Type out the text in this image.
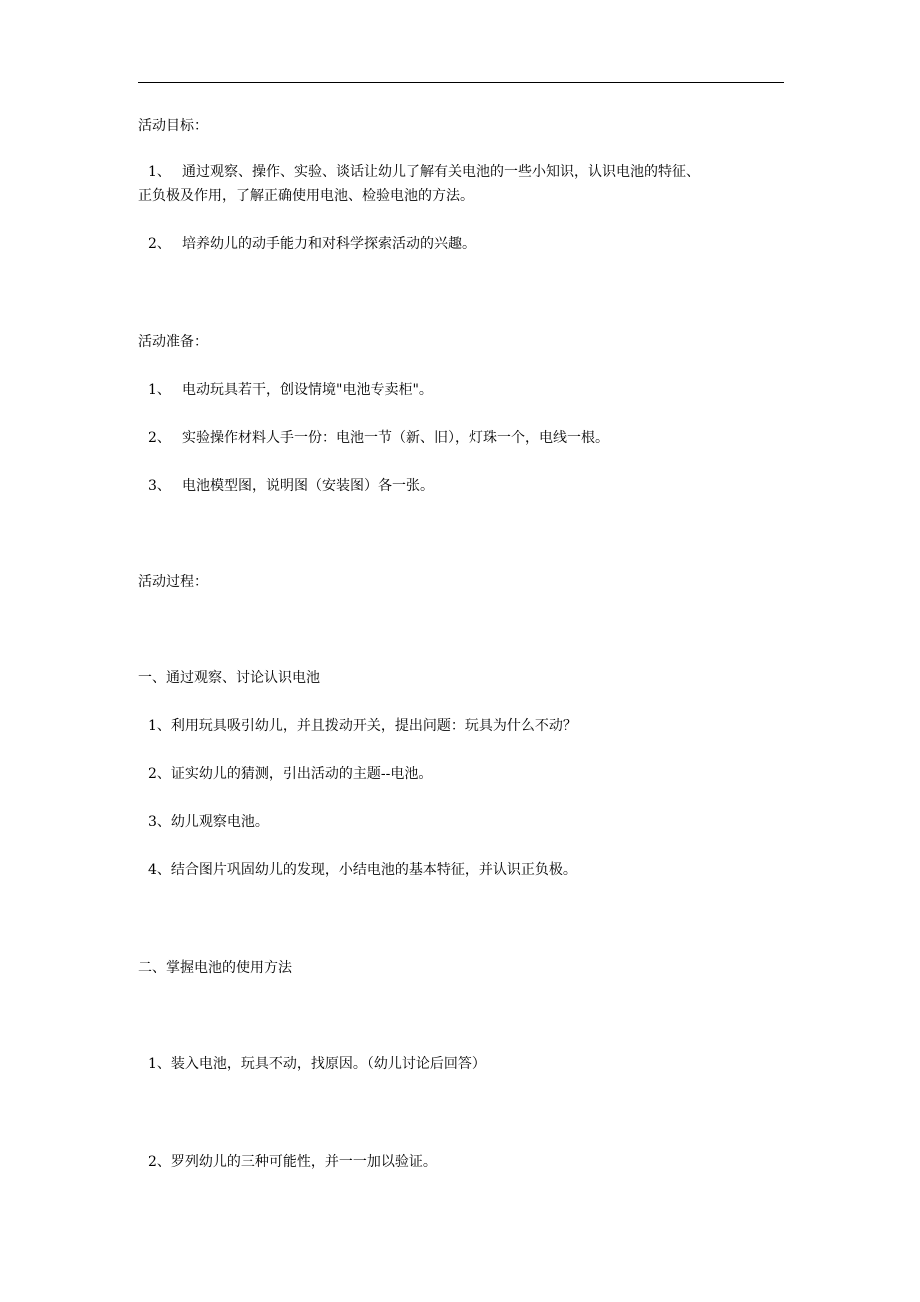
活动目标：
1、 通过观察、操作、实验、谈话让幼儿了解有关电池的一些小知识，认识电池的特征、
正负极及作用，了解正确使用电池、检验电池的方法。
2、 培养幼儿的动手能力和对科学探索活动的兴趣。
活动准备：
1、 电动玩具若干，创设情境"电池专卖柜"。
2、 实验操作材料人手一份：电池一节（新、旧），灯珠一个，电线一根。
3、 电池模型图，说明图（安装图）各一张。
活动过程：
一、通过观察、讨论认识电池
1、利用玩具吸引幼儿，并且拨动开关，提出问题：玩具为什么不动？
2、证实幼儿的猜测，引出活动的主题--电池。
3、幼儿观察电池。
4、结合图片巩固幼儿的发现，小结电池的基本特征，并认识正负极。
二、掌握电池的使用方法
1、装入电池，玩具不动，找原因。（幼儿讨论后回答）
2、罗列幼儿的三种可能性，并一一加以验证。
